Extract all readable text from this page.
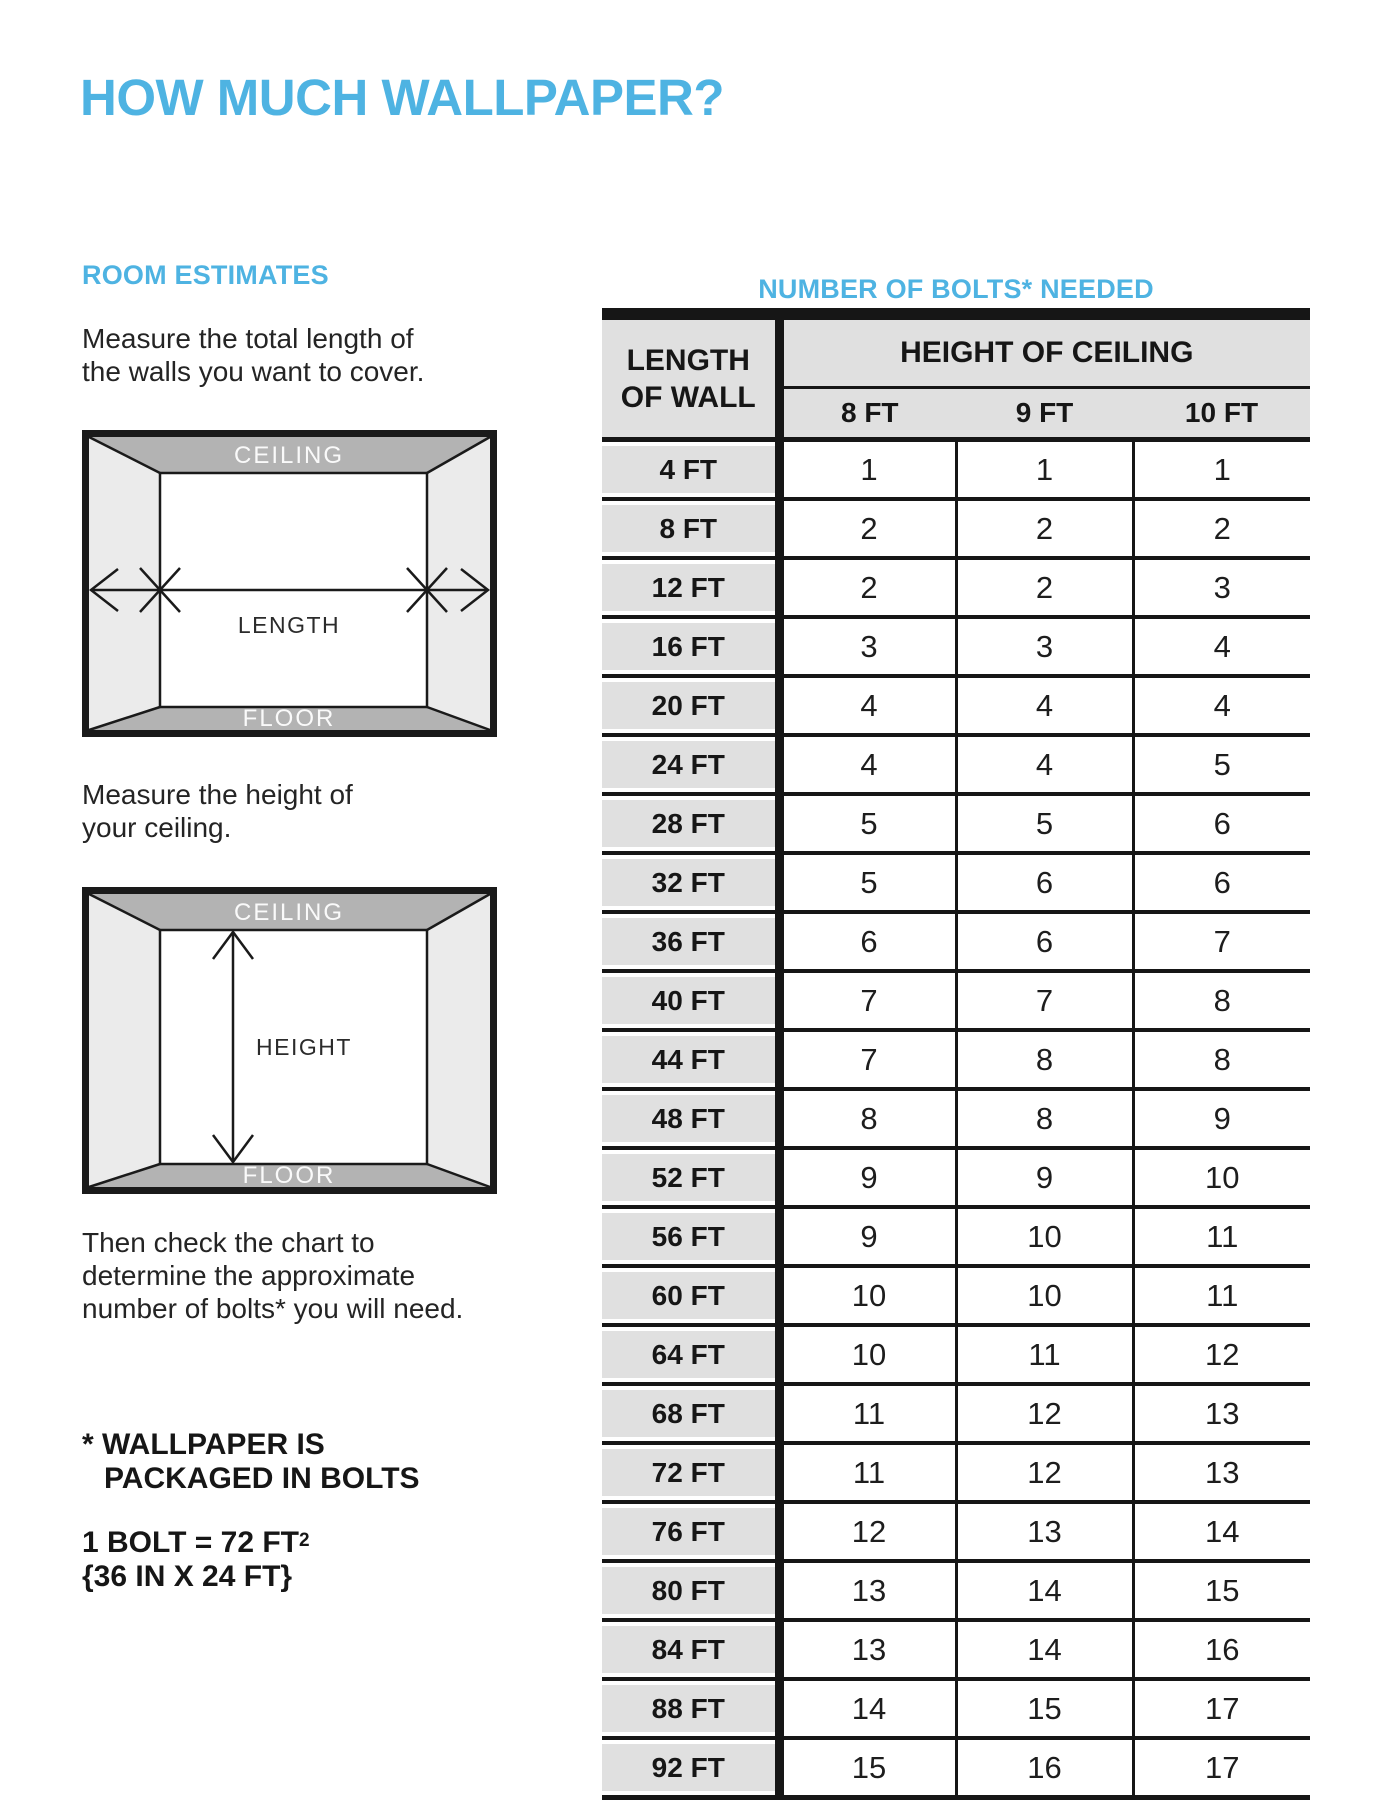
HOW MUCH WALLPAPER?
ROOM ESTIMATES
Measure the total length of
the walls you want to cover.
CEILING
FLOOR
LENGTH
Measure the height of
your ceiling.
CEILING
FLOOR
HEIGHT
Then check the chart to
determine the approximate
number of bolts* you will need.
* WALLPAPER IS
PACKAGED IN BOLTS
1 BOLT = 72 $FT^2$
{36 IN X 24 FT}
NUMBER OF BOLTS* NEEDED
LENGTH
OF WALL	HEIGHT OF CEILING		
	8 FT	9 FT	10 FT

4 FT	1	1	1

8 FT	2	2	2

12 FT	2	2	3

16 FT	3	3	4

20 FT	4	4	4

24 FT	4	4	5

28 FT	5	5	6

32 FT	5	6	6

36 FT	6	6	7

40 FT	7	7	8

44 FT	7	8	8

48 FT	8	8	9

52 FT	9	9	10

56 FT	9	10	11

60 FT	10	10	11

64 FT	10	11	12

68 FT	11	12	13

72 FT	11	12	13

76 FT	12	13	14

80 FT	13	14	15

84 FT	13	14	16

88 FT	14	15	17

92 FT	15	16	17
